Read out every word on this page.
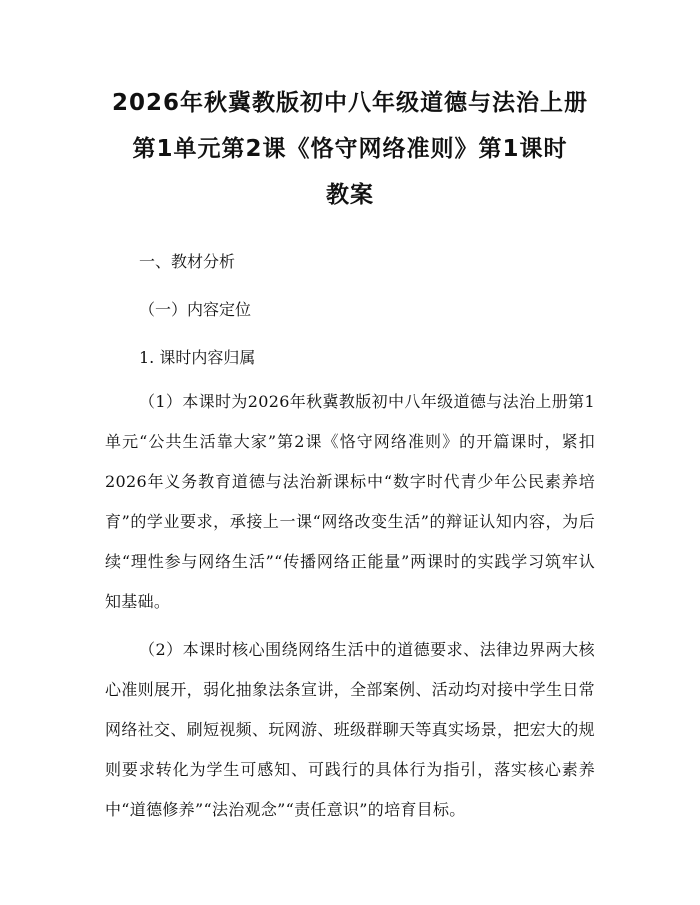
2026年秋冀教版初中八年级道德与法治上册
第1单元第2课《恪守网络准则》第1课时
教案
一、教材分析
（一）内容定位
1. 课时内容归属

（1）本课时为2026年秋冀教版初中八年级道德与法治上册第1单元“公共生活靠大家”第2课《恪守网络准则》的开篇课时，紧扣2026年义务教育道德与法治新课标中“数字时代青少年公民素养培育”的学业要求，承接上一课“网络改变生活”的辩证认知内容，为后续“理性参与网络生活”“传播网络正能量”两课时的实践学习筑牢认知基础。

（2）本课时核心围绕网络生活中的道德要求、法律边界两大核心准则展开，弱化抽象法条宣讲，全部案例、活动均对接中学生日常网络社交、刷短视频、玩网游、班级群聊天等真实场景，把宏大的规则要求转化为学生可感知、可践行的具体行为指引，落实核心素养中“道德修养”“法治观念”“责任意识”的培育目标。
